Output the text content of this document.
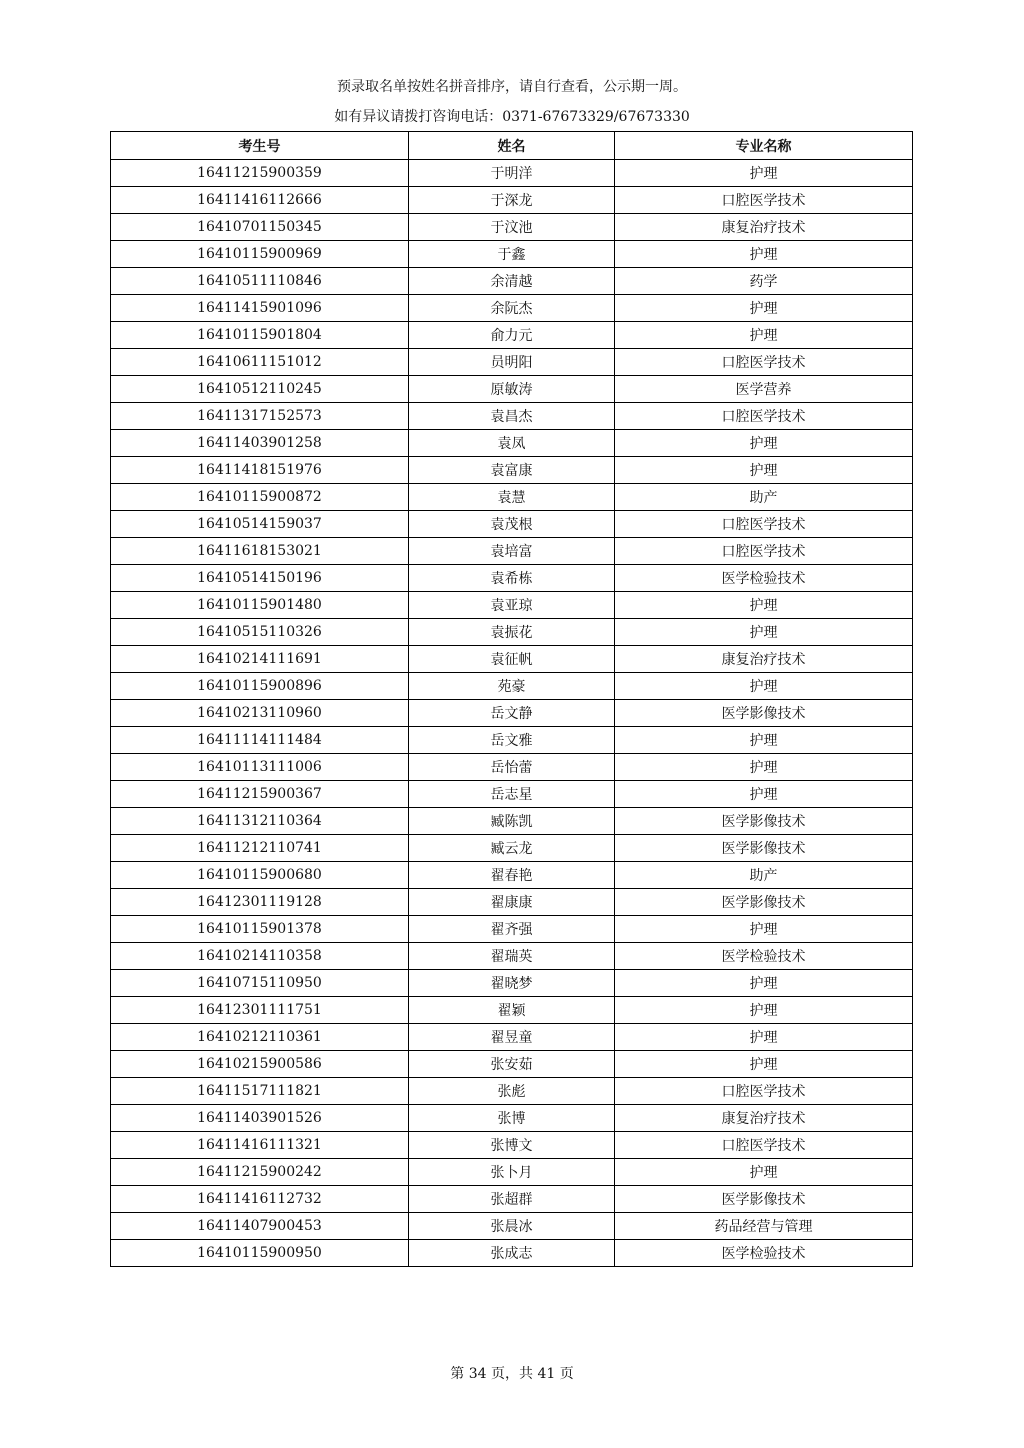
预录取名单按姓名拼音排序，请自行查看，公示期一周。
如有异议请拨打咨询电话：0371-67673329/67673330
考生号	姓名	专业名称
16411215900359	于明洋	护理
16411416112666	于深龙	口腔医学技术
16410701150345	于汶池	康复治疗技术
16410115900969	于鑫	护理
16410511110846	余清越	药学
16411415901096	余阮杰	护理
16410115901804	俞力元	护理
16410611151012	员明阳	口腔医学技术
16410512110245	原敏涛	医学营养
16411317152573	袁昌杰	口腔医学技术
16411403901258	袁凤	护理
16411418151976	袁富康	护理
16410115900872	袁慧	助产
16410514159037	袁茂根	口腔医学技术
16411618153021	袁培富	口腔医学技术
16410514150196	袁希栋	医学检验技术
16410115901480	袁亚琼	护理
16410515110326	袁振花	护理
16410214111691	袁征帆	康复治疗技术
16410115900896	苑豪	护理
16410213110960	岳文静	医学影像技术
16411114111484	岳文雅	护理
16410113111006	岳怡蕾	护理
16411215900367	岳志星	护理
16411312110364	臧陈凯	医学影像技术
16411212110741	臧云龙	医学影像技术
16410115900680	翟春艳	助产
16412301119128	翟康康	医学影像技术
16410115901378	翟齐强	护理
16410214110358	翟瑞英	医学检验技术
16410715110950	翟晓梦	护理
16412301111751	翟颖	护理
16410212110361	翟昱童	护理
16410215900586	张安茹	护理
16411517111821	张彪	口腔医学技术
16411403901526	张博	康复治疗技术
16411416111321	张博文	口腔医学技术
16411215900242	张卜月	护理
16411416112732	张超群	医学影像技术
16411407900453	张晨冰	药品经营与管理
16410115900950	张成志	医学检验技术
第 34 页，共 41 页
